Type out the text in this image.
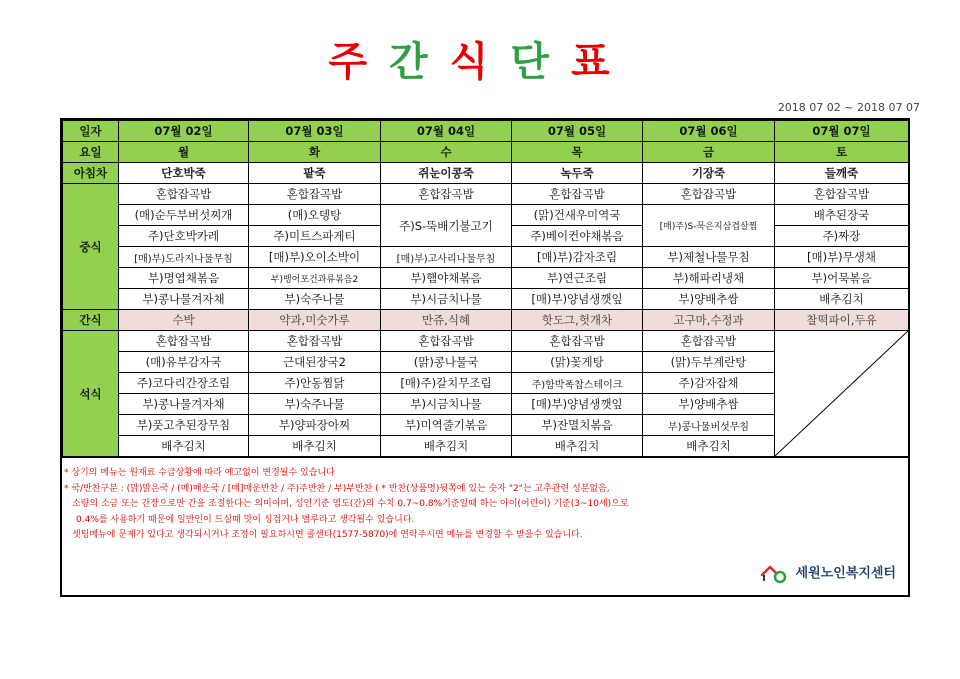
주간식단표
2018 07 02 ~ 2018 07 07
일자	07월 02일	07월 03일	07월 04일	07월 05일	07월 06일	07월 07일
요일	월	화	수	목	금	토
아침차	단호박죽	팥죽	쥐눈이콩죽	녹두죽	기장죽	들깨죽
중식	혼합잡곡밥	혼합잡곡밥	혼합잡곡밥	혼합잡곡밥	혼합잡곡밥	혼합잡곡밥
	(매)순두부버섯찌개	(매)오뎅탕	주)S-뚝배기불고기	(맑)건새우미역국	[매)주)S-묵은지삼겹살찜	배추된장국
	주)단호박카레	주)미트스파게티		주)베이컨야채볶음		주)짜장
	[매)부)도라지나물무침	[매)부)오이소박이	[매)부)고사리나물무침	[매)부)감자조림	부)제철나물무침	[매)부)무생채
	부)명엽채볶음	부)뱅어포건과류볶음2	부)햄야채볶음	부)연근조림	부)해파리냉채	부)어묵볶음
	부)콩나물겨자채	부)숙주나물	부)시금치나물	[매)부)양념생깻잎	부)양배추쌈	배추김치
간식	수박	약과,미숫가루	만쥬,식혜	핫도그,헛개차	고구마,수정과	찰떡파이,두유
석식	혼합잡곡밥	혼합잡곡밥	혼합잡곡밥	혼합잡곡밥	혼합잡곡밥	

	(매)유부감자국	근대된장국2	(맑)콩나물국	(맑)꽃게탕	(맑)두부계란탕	
	주)코다리간장조림	주)안동찜닭	[매)주)갈치무조림	주)함박폭찹스테이크	주)감자잡채	
	부)콩나물겨자채	부)숙주나물	부)시금치나물	[매)부)양념생깻잎	부)양배추쌈	
	부)풋고추된장무침	부)양파장아찌	부)미역줄기볶음	부)잔멸치볶음	부)콩나물버섯무침	
	배추김치	배추김치	배추김치	배추김치	배추김치	
* 상기의 메뉴는 원재료 수급상황에 따라 예고없이 변경될수 있습니다
* 국/반찬구분 : (맑)맑은국 / (매)매운국 / [매]매운반찬 / 주)주반찬 / 부)부반찬 ( * 반찬(상품명)뒷쪽에 있는 숫자 "2"는 고추관련 성분없음,
소량의 소금 또는 간장으로만 간을 조절한다는 의미이며, 성인기준 염도(간)의 수치 0.7~0.8%기준일때 하는 아이(어린이) 기준(3~10세)으로
0.4%를 사용하기 때문에 일반인이 드실때 맛이 싱겁거나 별루라고 생각될수 있습니다.
셋팅메뉴에 문제가 있다고 생각되시거나 조정이 필요하시면 콜센타(1577-5870)에 연락주시면 메뉴를 변경할 수 받을수 있습니다.
세원노인복지센터
